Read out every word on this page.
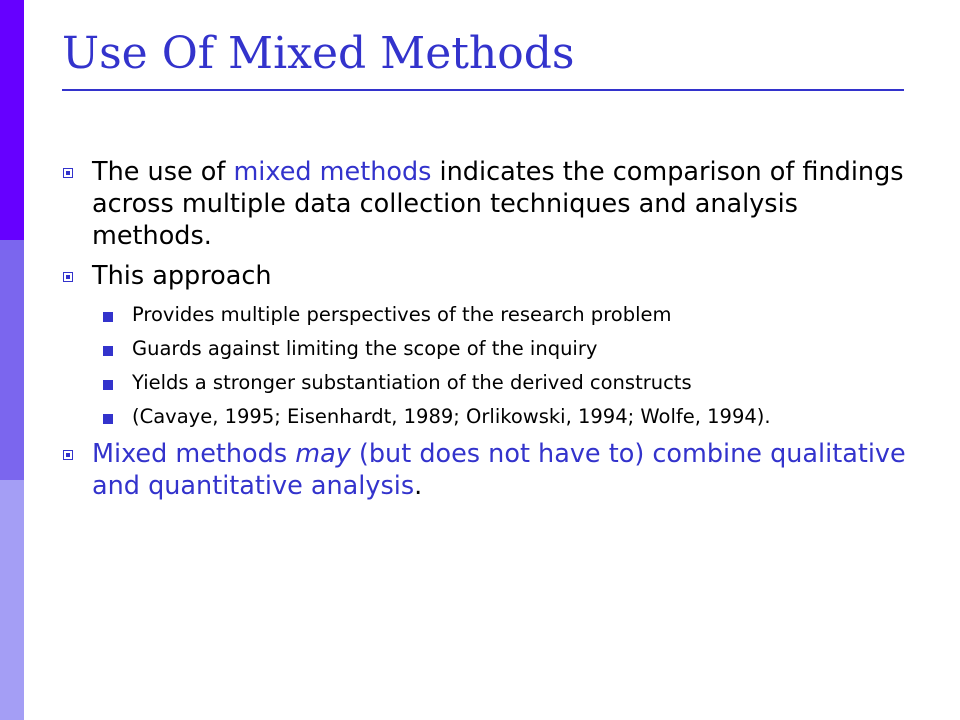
Use Of Mixed Methods
The use of mixed methods indicates the comparison of findings across multiple data collection techniques and analysis methods.
This approach
Provides multiple perspectives of the research problem
Guards against limiting the scope of the inquiry
Yields a stronger substantiation of the derived constructs
(Cavaye, 1995; Eisenhardt, 1989; Orlikowski, 1994; Wolfe, 1994).
Mixed methods may (but does not have to) combine qualitative and quantitative analysis.
